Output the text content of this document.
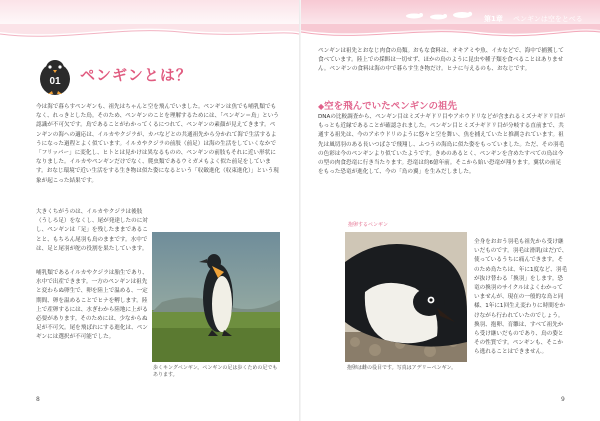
第1章 ペンギンは空をとべる
01 ペンギンとは？
今は海で暮らすペンギンも、祖先はちゃんと空を飛んでいました。ペンギンは魚でも哺乳類でもなく、れっきとした鳥。そのため、ペンギンのことを理解するためには、「ペンギン＝鳥」という認識が不可欠です。鳥であることがわかってくるにつれて、ペンギンの素顔が見えてきます。ペンギンの海への適応は、イルカやクジラが、カバなどとの共通祖先から分かれて海で生活するようになった過程とよく似ています。イルカやクジラの前肢（前足）は海の生活をしていくなかで「フリッパー」に変化し、ヒトとは見かけは異なるものの、ペンギンの前肢もそれに近い形状になりました。イルカやペンギンだけでなく、爬虫類であるウミガメもよく似た前足をしています。おなじ環境で近い生活をする生き物は似た姿になるという「収斂進化（収束進化）」という現象が起こった結果です。
大きくちがうのは、イルカやクジラは後肢（うしろ足）をなくし、尾が発達したのに対し、ペンギンは「足」を残したままであることと、もちろん尾羽も鳥のままです。水中では、足と尾羽が舵の役割を果たしています。
哺乳類であるイルカやクジラは胎生であり、水中で出産できます。一方のペンギンは祖先と変わらぬ卵生で、卵を陸上で温める、一定期間、卵を温めることでヒナを孵します。陸上で産卵するには、水ぎわから陸地に上がる必要があります。そのためには、少なからぬ足が不可欠。尾を飛ばれにする進化は、ペンギンには選択が不可能でした。
歩くキングペンギン。ペンギンの足は歩くための足でもあります。
8
ペンギンは祖先とおなじ肉食の鳥類。おもな食料は、オキアミや魚、イカなどで、海中で捕獲して食べています。陸上での採餌は一切せず、ほかの鳥のように昆虫や種子類を食べることはありません。ペンギンの食料は海の中で暮らす生き物だけ。ヒナに与えるのも、おなじです。
◆空を飛んでいたペンギンの祖先
DNAの比較調査から、ペンギン目はミズナギドリ目やアホウドリなどが含まれるミズナギドリ目がもっとも近縁であることが確認されました。ペンギン目とミズナギドリ目が分岐する直前まで、共通する祖先は、今のアホウドリのように悠々と空を舞い、魚を捕えていたと推測されています。祖先は風切羽のある長いつばさで飛翔し、ふつうの海鳥に似た姿をもっていました。ただ、その羽毛の色彩は今のペンギンより似ていたようです。きめのあるとく、ペンギンを含めたすべての鳥は今の型の肉食恐竜に行き当たります。恐竜は約6億年前。そこから始い恐竜が翔ります。翼状の前足をもった恐竜が進化して、今の「鳥の翼」を生みだしました。
抱卵するペンギン
抱卵は雌の役目です。写真はアデリーペンギン。
全身をおおう羽毛も祖先から受け継いだものです。羽毛は滑肌(はだ)で、使っているうちに痛んできます。そのため鳥たちは、年に1度など、羽毛が抜け替わる「換羽」をします。恐竜の換羽のサイクルはよくわかっていませんが、現在の一般的な鳥と同様、1年に1回生え変わりに時間をかけながら行われていたのでしょう。換羽、抱卵、育雛は、すべて祖先から受け継いだものであり、鳥の姿とその性質です。ペンギンも、そこから逃れることはできません。
9
